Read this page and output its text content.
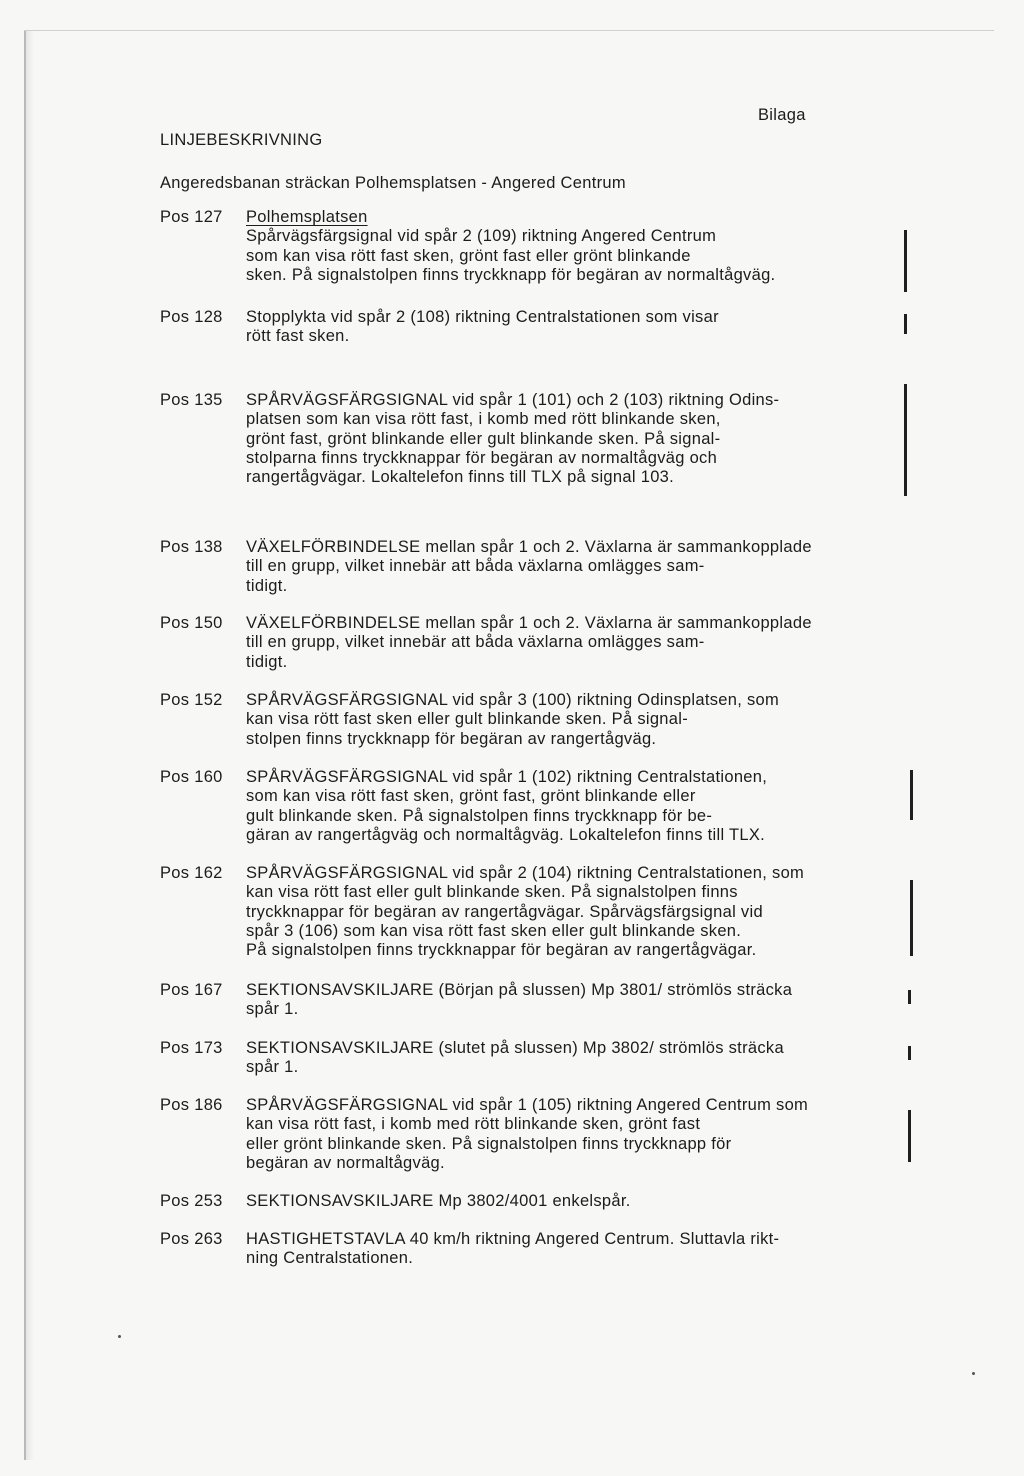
Bilaga
LINJEBESKRIVNING
Angeredsbanan sträckan Polhemsplatsen - Angered Centrum
Pos 127	Polhemsplatsen
Spårvägsfärgsignal vid spår 2 (109) riktning Angered Centrum
som kan visa rött fast sken, grönt fast eller grönt blinkande
sken. På signalstolpen finns tryckknapp för begäran av normaltågväg.
Pos 128	Stopplykta vid spår 2 (108) riktning Centralstationen som visar
rött fast sken.
Pos 135	SPÅRVÄGSFÄRGSIGNAL vid spår 1 (101) och 2 (103) riktning Odins-
platsen som kan visa rött fast, i komb med rött blinkande sken,
grönt fast, grönt blinkande eller gult blinkande sken. På signal-
stolparna finns tryckknappar för begäran av normaltågväg och
rangertågvägar. Lokaltelefon finns till TLX på signal 103.
Pos 138	VÄXELFÖRBINDELSE mellan spår 1 och 2. Växlarna är sammankopplade
till en grupp, vilket innebär att båda växlarna omlägges sam-
tidigt.
Pos 150	VÄXELFÖRBINDELSE mellan spår 1 och 2. Växlarna är sammankopplade
till en grupp, vilket innebär att båda växlarna omlägges sam-
tidigt.
Pos 152	SPÅRVÄGSFÄRGSIGNAL vid spår 3 (100) riktning Odinsplatsen, som
kan visa rött fast sken eller gult blinkande sken. På signal-
stolpen finns tryckknapp för begäran av rangertågväg.
Pos 160	SPÅRVÄGSFÄRGSIGNAL vid spår 1 (102) riktning Centralstationen,
som kan visa rött fast sken, grönt fast, grönt blinkande eller
gult blinkande sken. På signalstolpen finns tryckknapp för be-
gäran av rangertågväg och normaltågväg. Lokaltelefon finns till TLX.
Pos 162	SPÅRVÄGSFÄRGSIGNAL vid spår 2 (104) riktning Centralstationen, som
kan visa rött fast eller gult blinkande sken. På signalstolpen finns
tryckknappar för begäran av rangertågvägar. Spårvägsfärgsignal vid
spår 3 (106) som kan visa rött fast sken eller gult blinkande sken.
På signalstolpen finns tryckknappar för begäran av rangertågvägar.
Pos 167	SEKTIONSAVSKILJARE (Början på slussen) Mp 3801/ strömlös sträcka
spår 1.
Pos 173	SEKTIONSAVSKILJARE (slutet på slussen) Mp 3802/ strömlös sträcka
spår 1.
Pos 186	SPÅRVÄGSFÄRGSIGNAL vid spår 1 (105) riktning Angered Centrum som
kan visa rött fast, i komb med rött blinkande sken, grönt fast
eller grönt blinkande sken. På signalstolpen finns tryckknapp för
begäran av normaltågväg.
Pos 253	SEKTIONSAVSKILJARE Mp 3802/4001 enkelspår.
Pos 263	HASTIGHETSTAVLA 40 km/h riktning Angered Centrum. Sluttavla rikt-
ning Centralstationen.
